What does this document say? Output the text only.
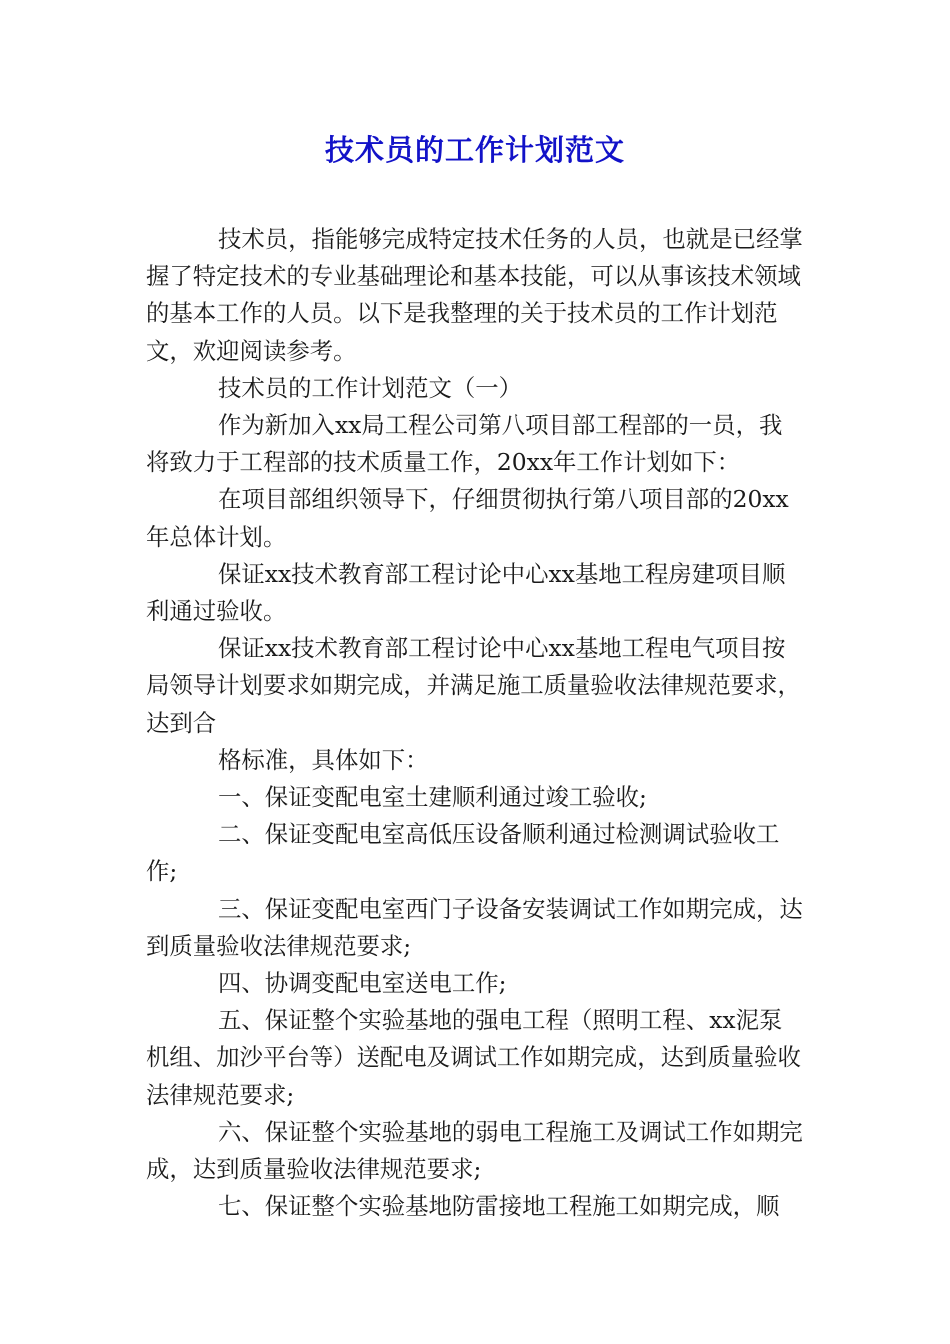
技术员的工作计划范文

技术员，指能够完成特定技术任务的人员，也就是已经掌握了特定技术的专业基础理论和基本技能，可以从事该技术领域的基本工作的人员。以下是我整理的关于技术员的工作计划范文，欢迎阅读参考。

技术员的工作计划范文（一）

作为新加入xx局工程公司第八项目部工程部的一员，我将致力于工程部的技术质量工作，20xx年工作计划如下：

在项目部组织领导下，仔细贯彻执行第八项目部的20xx年总体计划。

保证xx技术教育部工程讨论中心xx基地工程房建项目顺利通过验收。

保证xx技术教育部工程讨论中心xx基地工程电气项目按局领导计划要求如期完成，并满足施工质量验收法律规范要求，达到合

格标准，具体如下：

一、保证变配电室土建顺利通过竣工验收;

二、保证变配电室高低压设备顺利通过检测调试验收工作;

三、保证变配电室西门子设备安装调试工作如期完成，达到质量验收法律规范要求;

四、协调变配电室送电工作;

五、保证整个实验基地的强电工程（照明工程、xx泥泵机组、加沙平台等）送配电及调试工作如期完成，达到质量验收法律规范要求;

六、保证整个实验基地的弱电工程施工及调试工作如期完成，达到质量验收法律规范要求;

七、保证整个实验基地防雷接地工程施工如期完成，顺
